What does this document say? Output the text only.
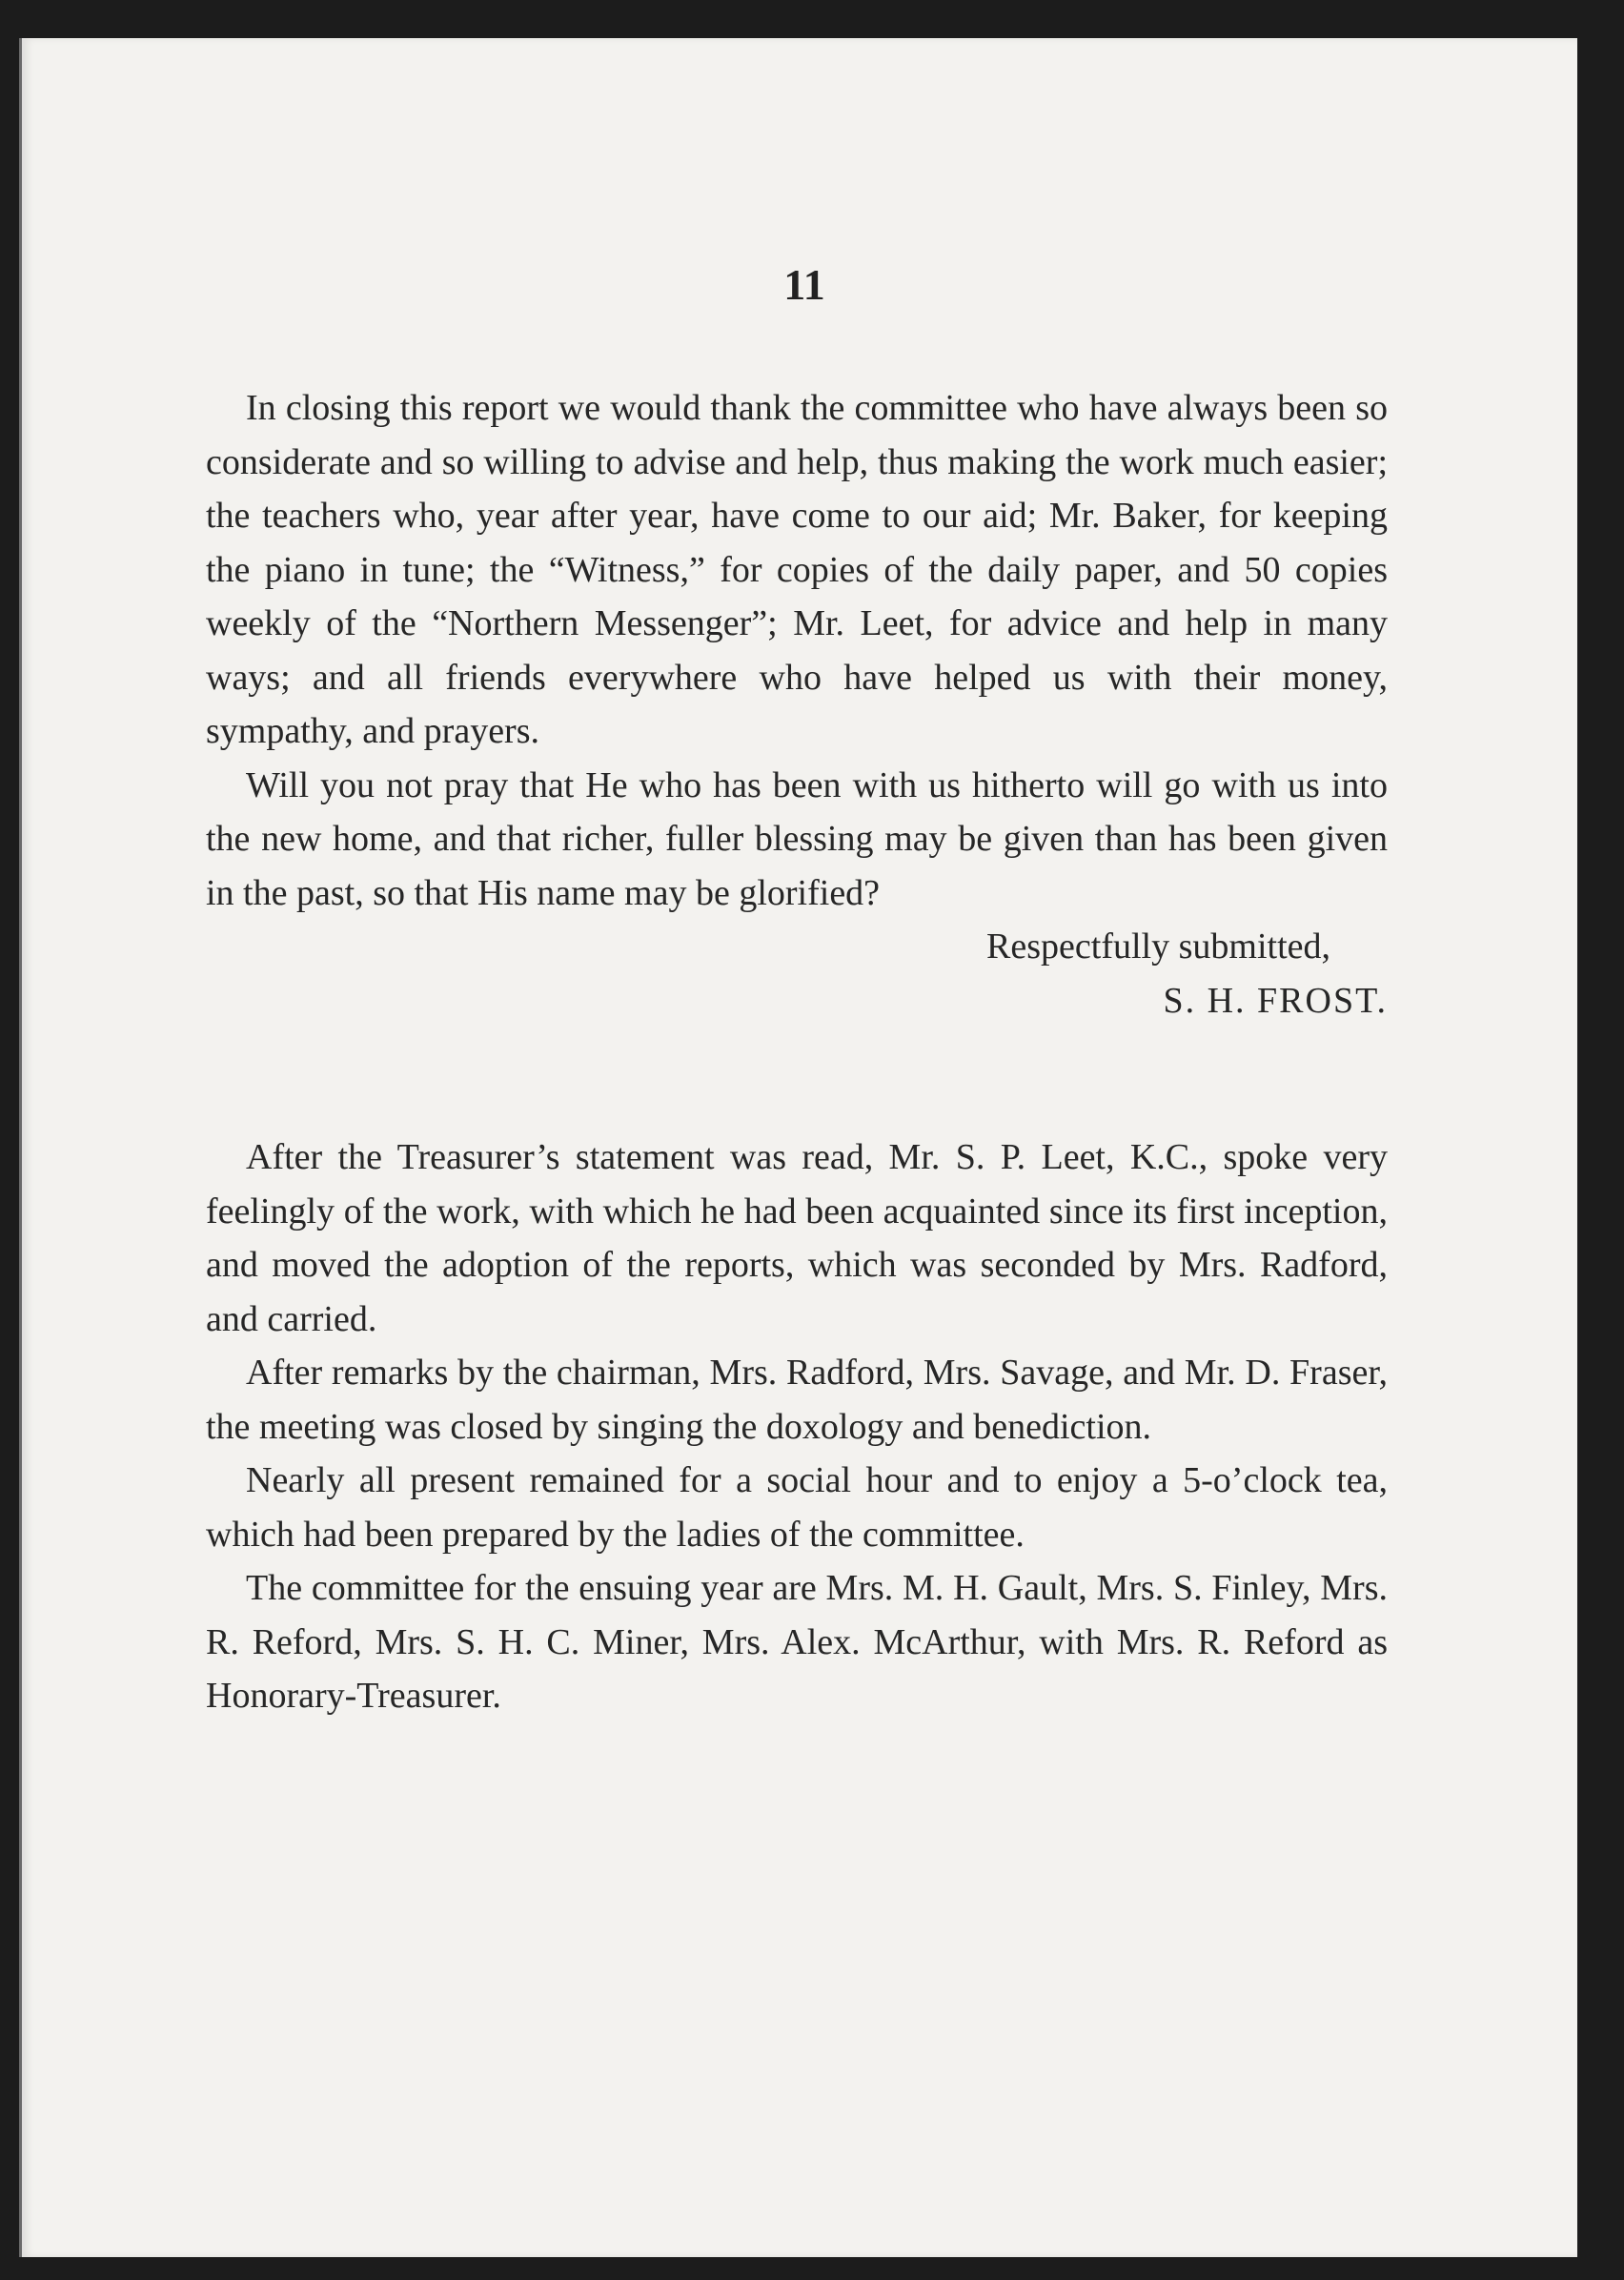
11

In closing this report we would thank the committee who have always been so considerate and so willing to advise and help, thus making the work much easier; the teachers who, year after year, have come to our aid; Mr. Baker, for keeping the piano in tune; the “Witness,” for copies of the daily paper, and 50 copies weekly of the “Northern Messenger”; Mr. Leet, for advice and help in many ways; and all friends everywhere who have helped us with their money, sympathy, and prayers.

Will you not pray that He who has been with us hitherto will go with us into the new home, and that richer, fuller blessing may be given than has been given in the past, so that His name may be glorified?

Respectfully submitted,

S. H. FROST.

After the Treasurer’s statement was read, Mr. S. P. Leet, K.C., spoke very feelingly of the work, with which he had been acquainted since its first inception, and moved the adoption of the reports, which was seconded by Mrs. Radford, and carried.

After remarks by the chairman, Mrs. Radford, Mrs. Savage, and Mr. D. Fraser, the meeting was closed by singing the doxology and benediction.

Nearly all present remained for a social hour and to enjoy a 5-o’clock tea, which had been prepared by the ladies of the committee.

The committee for the ensuing year are Mrs. M. H. Gault, Mrs. S. Finley, Mrs. R. Reford, Mrs. S. H. C. Miner, Mrs. Alex. McArthur, with Mrs. R. Reford as Honorary-Treasurer.
